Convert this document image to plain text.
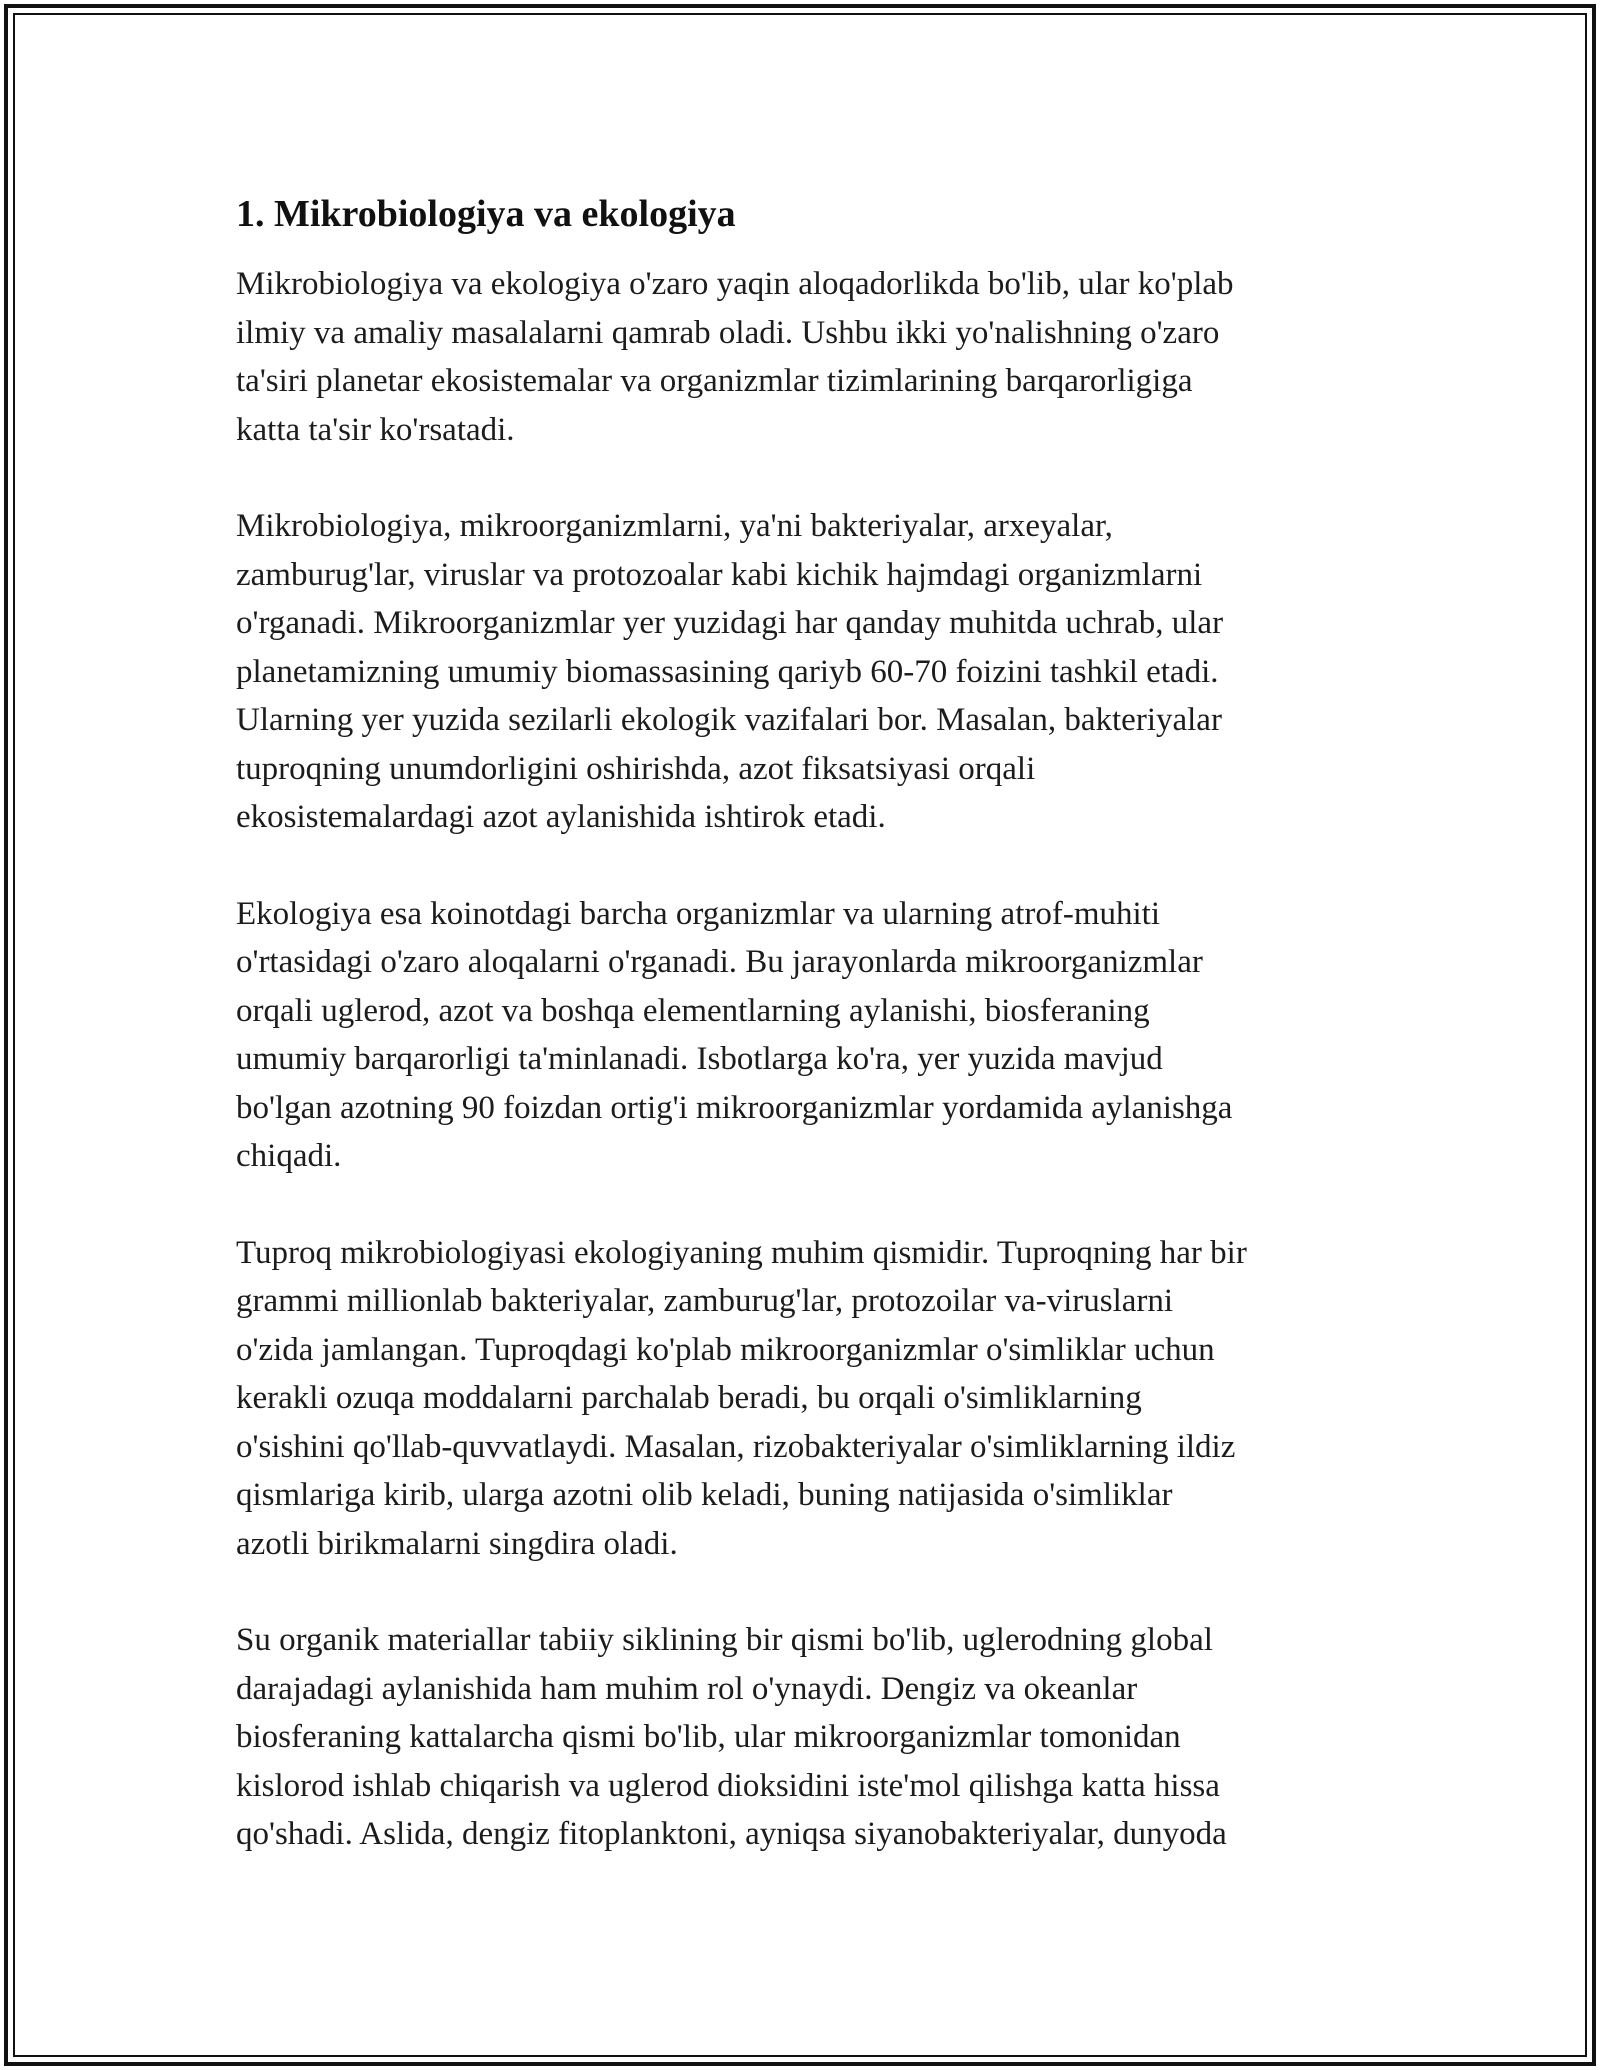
1. Mikrobiologiya va ekologiya

Mikrobiologiya va ekologiya o'zaro yaqin aloqadorlikda bo'lib, ular ko'plab
ilmiy va amaliy masalalarni qamrab oladi. Ushbu ikki yo'nalishning o'zaro
ta'siri planetar ekosistemalar va organizmlar tizimlarining barqarorligiga
katta ta'sir ko'rsatadi.

Mikrobiologiya, mikroorganizmlarni, ya'ni bakteriyalar, arxeyalar,
zamburug'lar, viruslar va protozoalar kabi kichik hajmdagi organizmlarni
o'rganadi. Mikroorganizmlar yer yuzidagi har qanday muhitda uchrab, ular
planetamizning umumiy biomassasining qariyb 60-70 foizini tashkil etadi.
Ularning yer yuzida sezilarli ekologik vazifalari bor. Masalan, bakteriyalar
tuproqning unumdorligini oshirishda, azot fiksatsiyasi orqali
ekosistemalardagi azot aylanishida ishtirok etadi.

Ekologiya esa koinotdagi barcha organizmlar va ularning atrof-muhiti
o'rtasidagi o'zaro aloqalarni o'rganadi. Bu jarayonlarda mikroorganizmlar
orqali uglerod, azot va boshqa elementlarning aylanishi, biosferaning
umumiy barqarorligi ta'minlanadi. Isbotlarga ko'ra, yer yuzida mavjud
bo'lgan azotning 90 foizdan ortig'i mikroorganizmlar yordamida aylanishga
chiqadi.

Tuproq mikrobiologiyasi ekologiyaning muhim qismidir. Tuproqning har bir
grammi millionlab bakteriyalar, zamburug'lar, protozoilar va-viruslarni
o'zida jamlangan. Tuproqdagi ko'plab mikroorganizmlar o'simliklar uchun
kerakli ozuqa moddalarni parchalab beradi, bu orqali o'simliklarning
o'sishini qo'llab-quvvatlaydi. Masalan, rizobakteriyalar o'simliklarning ildiz
qismlariga kirib, ularga azotni olib keladi, buning natijasida o'simliklar
azotli birikmalarni singdira oladi.

Su organik materiallar tabiiy siklining bir qismi bo'lib, uglerodning global
darajadagi aylanishida ham muhim rol o'ynaydi. Dengiz va okeanlar
biosferaning kattalarcha qismi bo'lib, ular mikroorganizmlar tomonidan
kislorod ishlab chiqarish va uglerod dioksidini iste'mol qilishga katta hissa
qo'shadi. Aslida, dengiz fitoplanktoni, ayniqsa siyanobakteriyalar, dunyoda
